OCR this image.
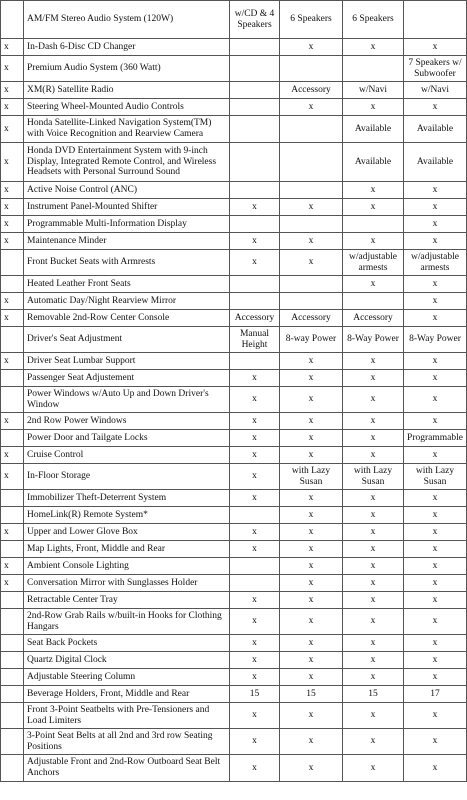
	AM/FM Stereo Audio System (120W)	w/CD & 4 Speakers	6 Speakers	6 Speakers	
x	In-Dash 6-Disc CD Changer		x	x	x
x	Premium Audio System (360 Watt)				7 Speakers w/ Subwoofer
x	XM(R) Satellite Radio		Accessory	w/Navi	w/Navi
x	Steering Wheel-Mounted Audio Controls		x	x	x
x	Honda Satellite-Linked Navigation System(TM) with Voice Recognition and Rearview Camera			Available	Available
x	Honda DVD Entertainment System with 9-inch Display, Integrated Remote Control, and Wireless Headsets with Personal Surround Sound			Available	Available
x	Active Noise Control (ANC)			x	x
x	Instrument Panel-Mounted Shifter	x	x	x	x
x	Programmable Multi-Information Display				x
x	Maintenance Minder	x	x	x	x
	Front Bucket Seats with Armrests	x	x	w/adjustable armests	w/adjustable armests
	Heated Leather Front Seats			x	x
x	Automatic Day/Night Rearview Mirror				x
x	Removable 2nd-Row Center Console	Accessory	Accessory	Accessory	x
	Driver's Seat Adjustment	Manual Height	8-way Power	8-Way Power	8-Way Power
x	Driver Seat Lumbar Support		x	x	x
	Passenger Seat Adjustement	x	x	x	x
	Power Windows w/Auto Up and Down Driver's Window	x	x	x	x
x	2nd Row Power Windows	x	x	x	x
	Power Door and Tailgate Locks	x	x	x	Programmable
x	Cruise Control	x	x	x	x
x	In-Floor Storage	x	with Lazy Susan	with Lazy Susan	with Lazy Susan
	Immobilizer Theft-Deterrent System	x	x	x	x
	HomeLink(R) Remote System*		x	x	x
x	Upper and Lower Glove Box	x	x	x	x
	Map Lights, Front, Middle and Rear	x	x	x	x
x	Ambient Console Lighting		x	x	x
x	Conversation Mirror with Sunglasses Holder		x	x	x
	Retractable Center Tray	x	x	x	x
	2nd-Row Grab Rails w/built-in Hooks for Clothing Hangars	x	x	x	x
	Seat Back Pockets	x	x	x	x
	Quartz Digital Clock	x	x	x	x
	Adjustable Steering Column	x	x	x	x
	Beverage Holders, Front, Middle and Rear	15	15	15	17
	Front 3-Point Seatbelts with Pre-Tensioners and Load Limiters	x	x	x	x
	3-Point Seat Belts at all 2nd and 3rd row Seating Positions	x	x	x	x
	Adjustable Front and 2nd-Row Outboard Seat Belt Anchors	x	x	x	x
